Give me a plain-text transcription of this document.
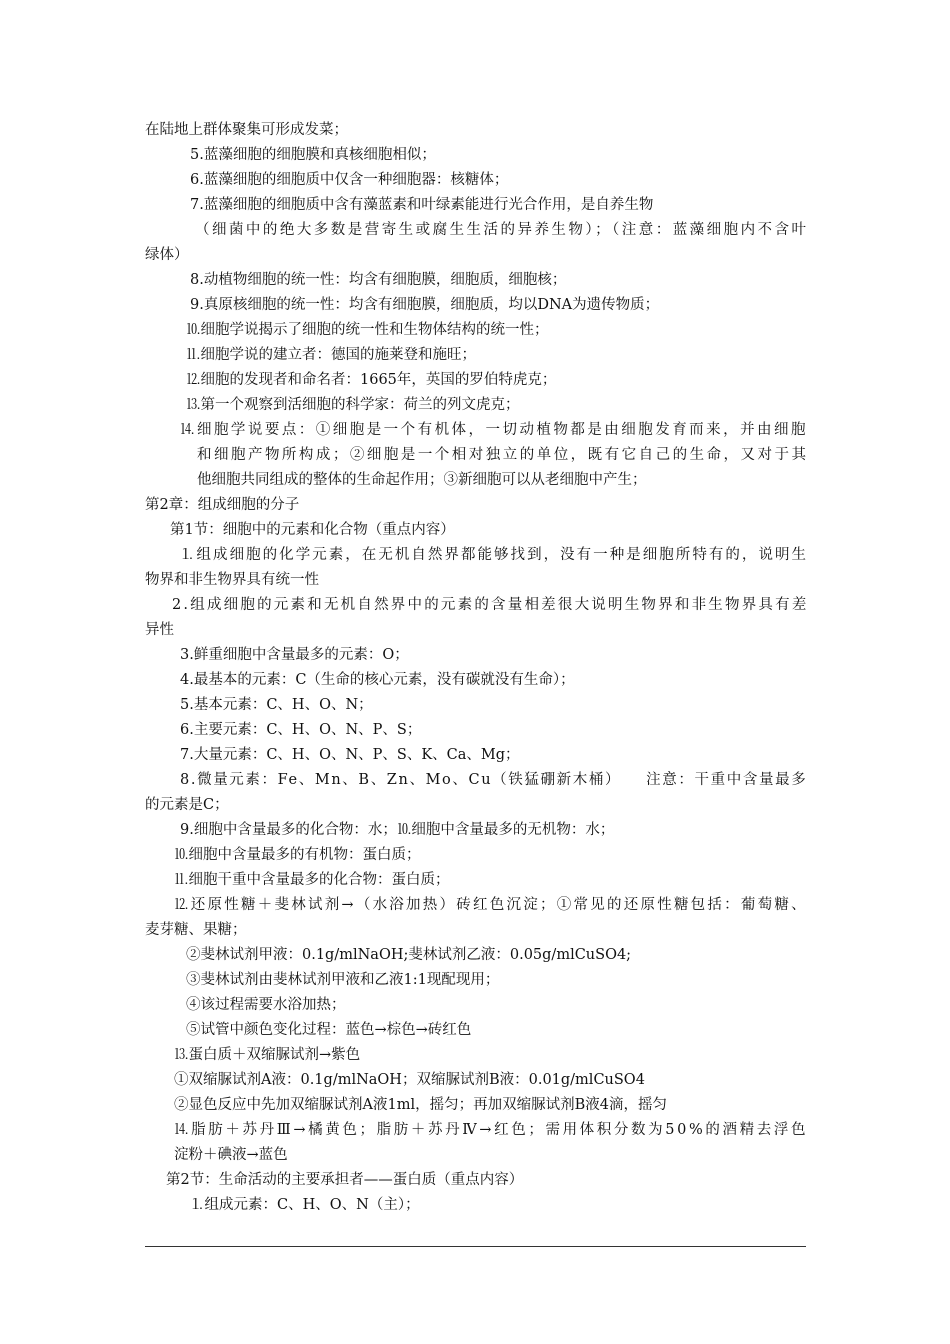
在陆地上群体聚集可形成发菜；
5.蓝藻细胞的细胞膜和真核细胞相似；
6.蓝藻细胞的细胞质中仅含一种细胞器：核糖体；
7.蓝藻细胞的细胞质中含有藻蓝素和叶绿素能进行光合作用，是自养生物
（细菌中的绝大多数是营寄生或腐生生活的异养生物）；（注意：蓝藻细胞内不含叶
绿体）
8.动植物细胞的统一性：均含有细胞膜，细胞质，细胞核；
9.真原核细胞的统一性：均含有细胞膜，细胞质，均以DNA为遗传物质；
⒑细胞学说揭示了细胞的统一性和生物体结构的统一性；
⒒细胞学说的建立者：德国的施莱登和施旺；
⒓细胞的发现者和命名者：1665年，英国的罗伯特虎克；
⒔第一个观察到活细胞的科学家：荷兰的列文虎克；
⒕细胞学说要点：①细胞是一个有机体，一切动植物都是由细胞发育而来，并由细胞
和细胞产物所构成；②细胞是一个相对独立的单位，既有它自己的生命，又对于其
他细胞共同组成的整体的生命起作用；③新细胞可以从老细胞中产生；
第2章：组成细胞的分子
第1节：细胞中的元素和化合物（重点内容）
⒈组成细胞的化学元素，在无机自然界都能够找到，没有一种是细胞所特有的，说明生
物界和非生物界具有统一性
2.组成细胞的元素和无机自然界中的元素的含量相差很大说明生物界和非生物界具有差
异性
3.鲜重细胞中含量最多的元素：O；
4.最基本的元素：C（生命的核心元素，没有碳就没有生命）；
5.基本元素：C、H、O、N；
6.主要元素：C、H、O、N、P、S；
7.大量元素：C、H、O、N、P、S、K、Ca、Mg；
8.微量元素：Fe、Mn、B、Zn、Mo、Cu（铁猛硼新木桶）　　注意：干重中含量最多
的元素是C；
9.细胞中含量最多的化合物：水；⒑细胞中含量最多的无机物：水；
⒑细胞中含量最多的有机物：蛋白质；
⒒细胞干重中含量最多的化合物：蛋白质；
⒓还原性糖＋斐林试剂→（水浴加热）砖红色沉淀；①常见的还原性糖包括：葡萄糖、
麦芽糖、果糖；
②斐林试剂甲液：0.1g/mlNaOH;斐林试剂乙液：0.05g/mlCuSO4;
③斐林试剂由斐林试剂甲液和乙液1:1现配现用；
④该过程需要水浴加热；
⑤试管中颜色变化过程：蓝色→棕色→砖红色
⒔蛋白质＋双缩脲试剂→紫色
①双缩脲试剂A液：0.1g/mlNaOH；双缩脲试剂B液：0.01g/mlCuSO4
②显色反应中先加双缩脲试剂A液1ml，摇匀；再加双缩脲试剂B液4滴，摇匀
⒕脂肪＋苏丹Ⅲ→橘黄色；脂肪＋苏丹Ⅳ→红色；需用体积分数为50%的酒精去浮色
淀粉＋碘液→蓝色
第2节：生命活动的主要承担者——蛋白质（重点内容）
⒈组成元素：C、H、O、N（主）；
